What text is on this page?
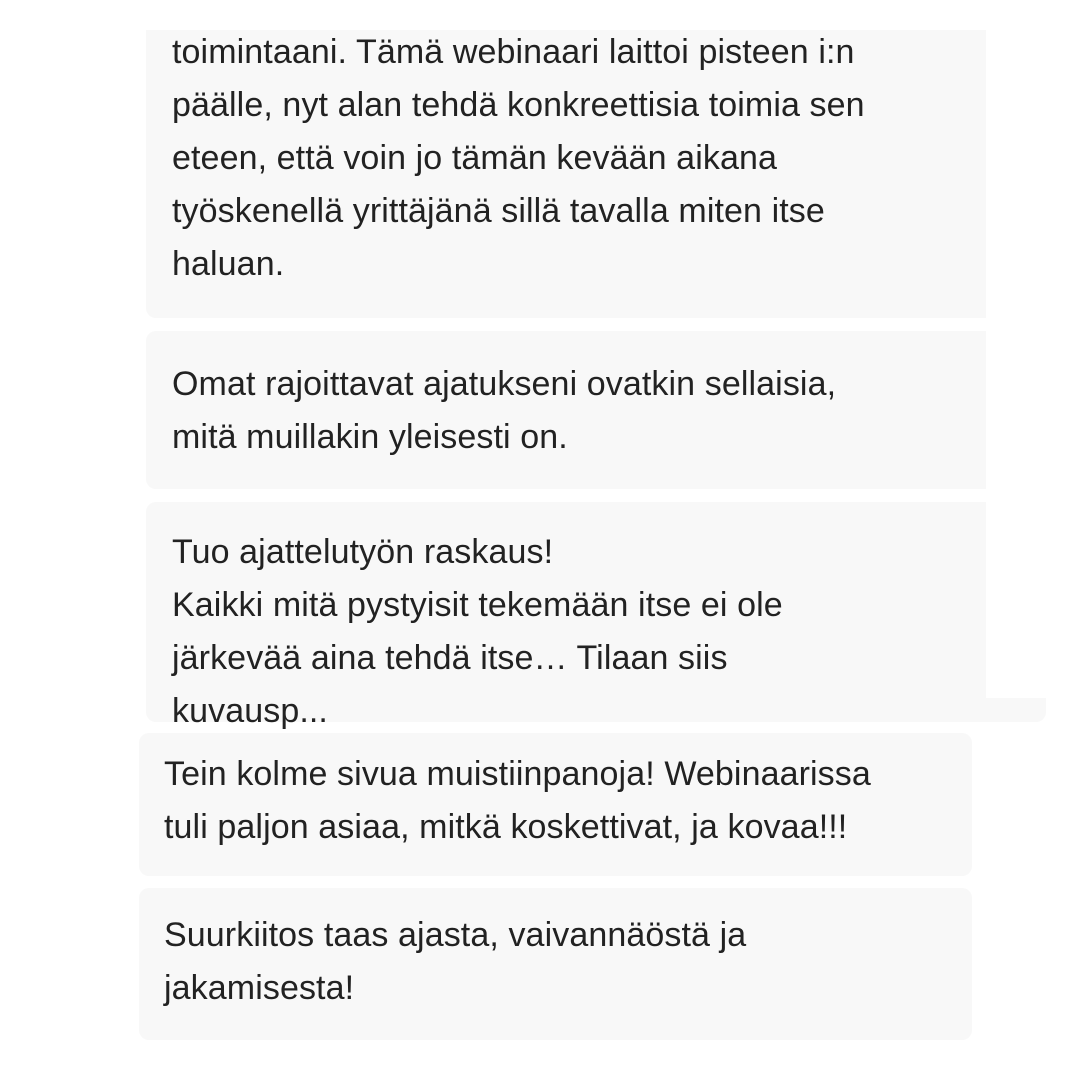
toimintaani. Tämä webinaari laittoi pisteen i:n
päälle, nyt alan tehdä konkreettisia toimia sen
eteen, että voin jo tämän kevään aikana
työskenellä yrittäjänä sillä tavalla miten itse
haluan.

Omat rajoittavat ajatukseni ovatkin sellaisia,
mitä muillakin yleisesti on.

Tuo ajattelutyön raskaus!
Kaikki mitä pystyisit tekemään itse ei ole
järkevää aina tehdä itse… Tilaan siis
kuvausp...

Tein kolme sivua muistiinpanoja! Webinaarissa
tuli paljon asiaa, mitkä koskettivat, ja kovaa!!!

Suurkiitos taas ajasta, vaivannäöstä ja
jakamisesta!
